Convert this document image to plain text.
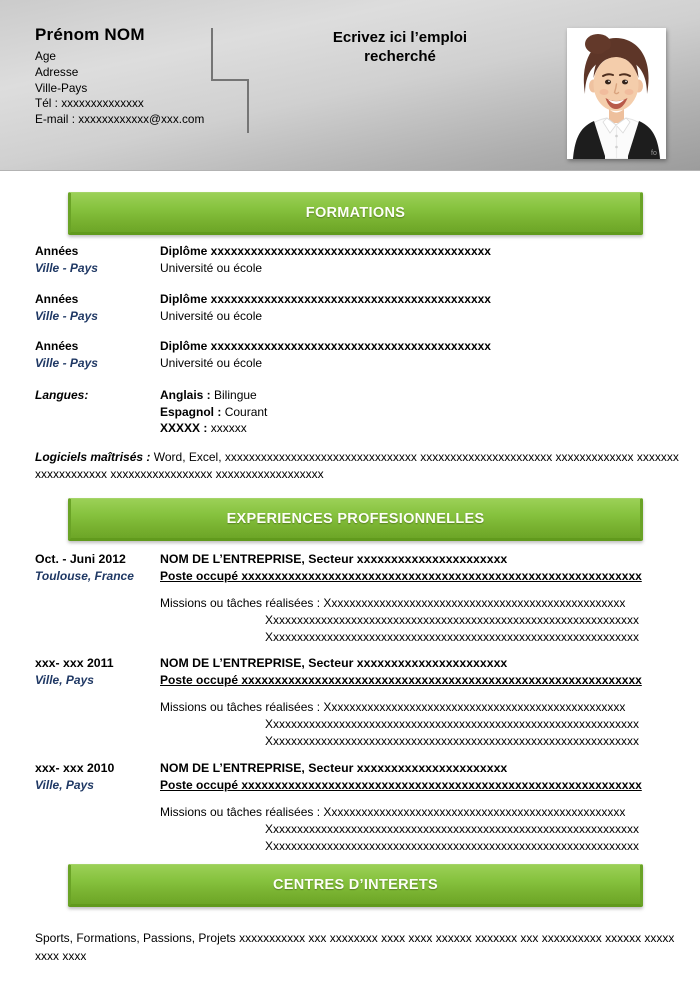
Prénom NOM
Age
Adresse
Ville-Pays
Tél : xxxxxxxxxxxxxx
E-mail : xxxxxxxxxxxx@xxx.com
Ecrivez ici l’emploi recherché
fo
FORMATIONS
Années
Ville - Pays
Diplôme xxxxxxxxxxxxxxxxxxxxxxxxxxxxxxxxxxxxxxxxxx
Université ou école
Années
Ville - Pays
Diplôme xxxxxxxxxxxxxxxxxxxxxxxxxxxxxxxxxxxxxxxxxx
Université ou école
Années
Ville - Pays
Diplôme xxxxxxxxxxxxxxxxxxxxxxxxxxxxxxxxxxxxxxxxxx
Université ou école
Langues:	Anglais : Bilingue
Espagnol : Courant
XXXXX : xxxxxx
Logiciels maîtrisés : Word, Excel, xxxxxxxxxxxxxxxxxxxxxxxxxxxxxxxx xxxxxxxxxxxxxxxxxxxxxx xxxxxxxxxxxxx xxxxxxx xxxxxxxxxxxx xxxxxxxxxxxxxxxxx xxxxxxxxxxxxxxxxxx
EXPERIENCES PROFESIONNELLES
Oct. - Juni 2012
Toulouse, France
NOM DE L’ENTREPRISE, Secteur xxxxxxxxxxxxxxxxxxxxxx
Poste occupé xxxxxxxxxxxxxxxxxxxxxxxxxxxxxxxxxxxxxxxxxxxxxxxxxxxxxxxxxxxx
Missions ou tâches réalisées : Xxxxxxxxxxxxxxxxxxxxxxxxxxxxxxxxxxxxxxxxxxxxxxxxxx
Xxxxxxxxxxxxxxxxxxxxxxxxxxxxxxxxxxxxxxxxxxxxxxxxxxxxxxxxxxxxxx
Xxxxxxxxxxxxxxxxxxxxxxxxxxxxxxxxxxxxxxxxxxxxxxxxxxxxxxxxxxxxxx
xxx- xxx 2011
Ville, Pays
NOM DE L’ENTREPRISE, Secteur xxxxxxxxxxxxxxxxxxxxxx
Poste occupé xxxxxxxxxxxxxxxxxxxxxxxxxxxxxxxxxxxxxxxxxxxxxxxxxxxxxxxxxxxx
Missions ou tâches réalisées : Xxxxxxxxxxxxxxxxxxxxxxxxxxxxxxxxxxxxxxxxxxxxxxxxxx
Xxxxxxxxxxxxxxxxxxxxxxxxxxxxxxxxxxxxxxxxxxxxxxxxxxxxxxxxxxxxxx
Xxxxxxxxxxxxxxxxxxxxxxxxxxxxxxxxxxxxxxxxxxxxxxxxxxxxxxxxxxxxxx
xxx- xxx 2010
Ville, Pays
NOM DE L’ENTREPRISE, Secteur xxxxxxxxxxxxxxxxxxxxxx
Poste occupé xxxxxxxxxxxxxxxxxxxxxxxxxxxxxxxxxxxxxxxxxxxxxxxxxxxxxxxxxxxx
Missions ou tâches réalisées : Xxxxxxxxxxxxxxxxxxxxxxxxxxxxxxxxxxxxxxxxxxxxxxxxxx
Xxxxxxxxxxxxxxxxxxxxxxxxxxxxxxxxxxxxxxxxxxxxxxxxxxxxxxxxxxxxxx
Xxxxxxxxxxxxxxxxxxxxxxxxxxxxxxxxxxxxxxxxxxxxxxxxxxxxxxxxxxxxxx
CENTRES D’INTERETS
Sports, Formations, Passions, Projets xxxxxxxxxxx xxx xxxxxxxx xxxx xxxx xxxxxx xxxxxxx xxx xxxxxxxxxx xxxxxx xxxxx xxxx xxxx
